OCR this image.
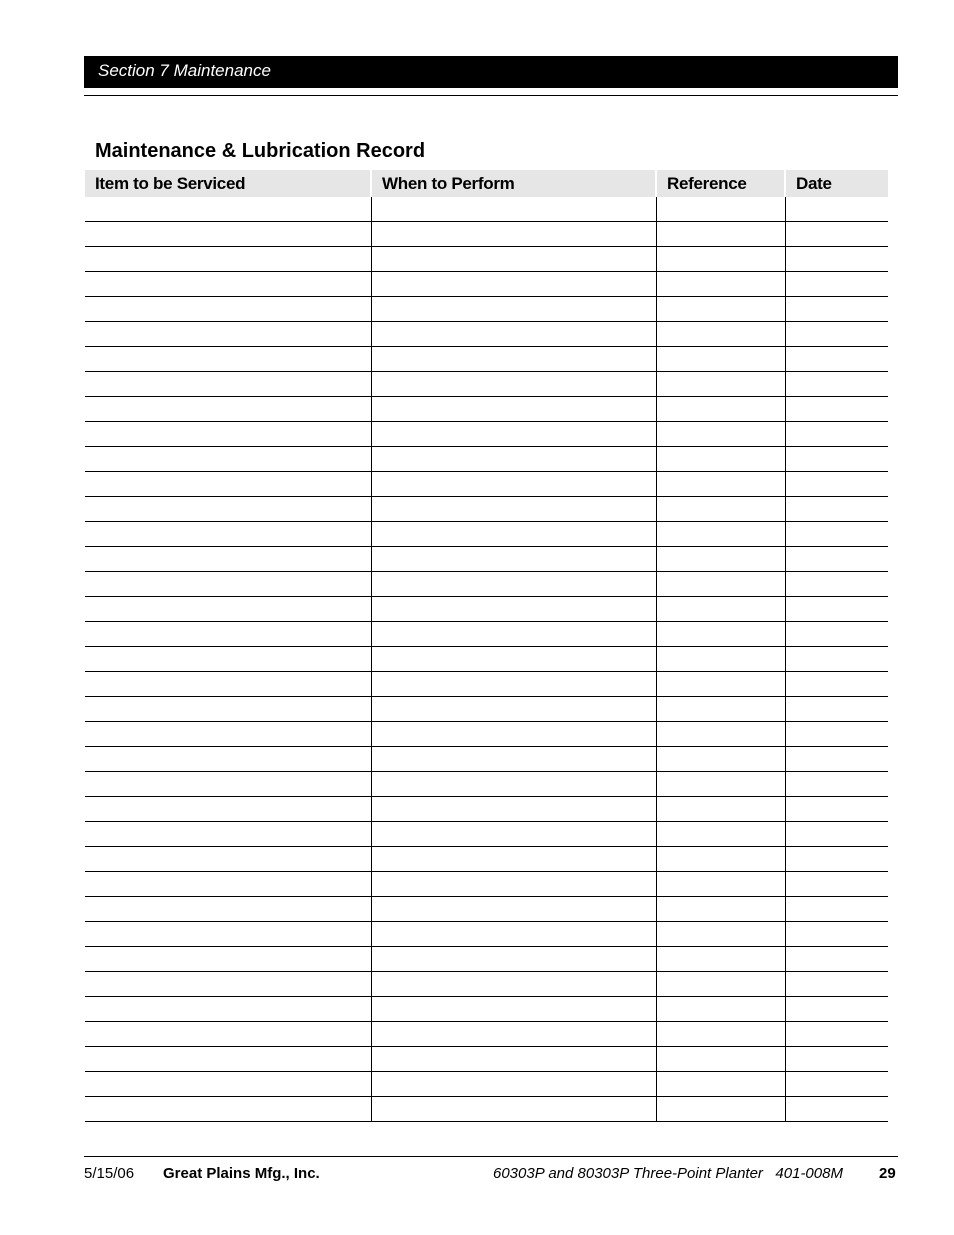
Section 7 Maintenance
Maintenance & Lubrication Record
Item to be Serviced	When to Perform	Reference	Date

5/15/06 Great Plains Mfg., Inc.	60303P and 80303P Three-Point Planter   401-008M 29
